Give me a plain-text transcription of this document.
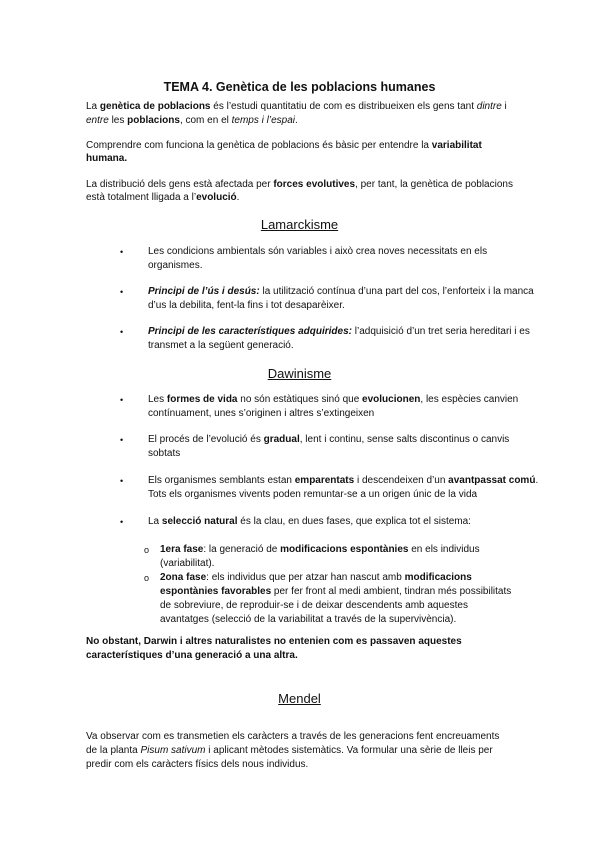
TEMA 4. Genètica de les poblacions humanes
La genètica de poblacions és l’estudi quantitatiu de com es distribueixen els gens tant dintre i
entre les poblacions, com en el temps i l’espai.
Comprendre com funciona la genètica de poblacions és bàsic per entendre la variabilitat
humana.
La distribució dels gens està afectada per forces evolutives, per tant, la genètica de poblacions
està totalment lligada a l’evolució.
Lamarckisme
• Les condicions ambientals són variables i això crea noves necessitats en els
organismes.
• Principi de l’ús i desús: la utilització contínua d’una part del cos, l’enforteix i la manca
d’us la debilita, fent-la fins i tot desaparèixer.
• Principi de les característiques adquirides: l’adquisició d’un tret seria hereditari i es
transmet a la següent generació.
Dawinisme
• Les formes de vida no són estàtiques sinó que evolucionen, les espècies canvien
contínuament, unes s’originen i altres s’extingeixen
• El procés de l’evolució és gradual, lent i continu, sense salts discontinus o canvis
sobtats
• Els organismes semblants estan emparentats i descendeixen d’un avantpassat comú.
Tots els organismes vivents poden remuntar-se a un origen únic de la vida
• La selecció natural és la clau, en dues fases, que explica tot el sistema:
o 1era fase: la generació de modificacions espontànies en els individus
(variabilitat).
o 2ona fase: els individus que per atzar han nascut amb modificacions
espontànies favorables per fer front al medi ambient, tindran més possibilitats
de sobreviure, de reproduir-se i de deixar descendents amb aquestes
avantatges (selecció de la variabilitat a través de la supervivència).
No obstant, Darwin i altres naturalistes no entenien com es passaven aquestes
característiques d’una generació a una altra.
Mendel
Va observar com es transmetien els caràcters a través de les generacions fent encreuaments
de la planta Pisum sativum i aplicant mètodes sistemàtics. Va formular una sèrie de lleis per
predir com els caràcters físics dels nous individus.
